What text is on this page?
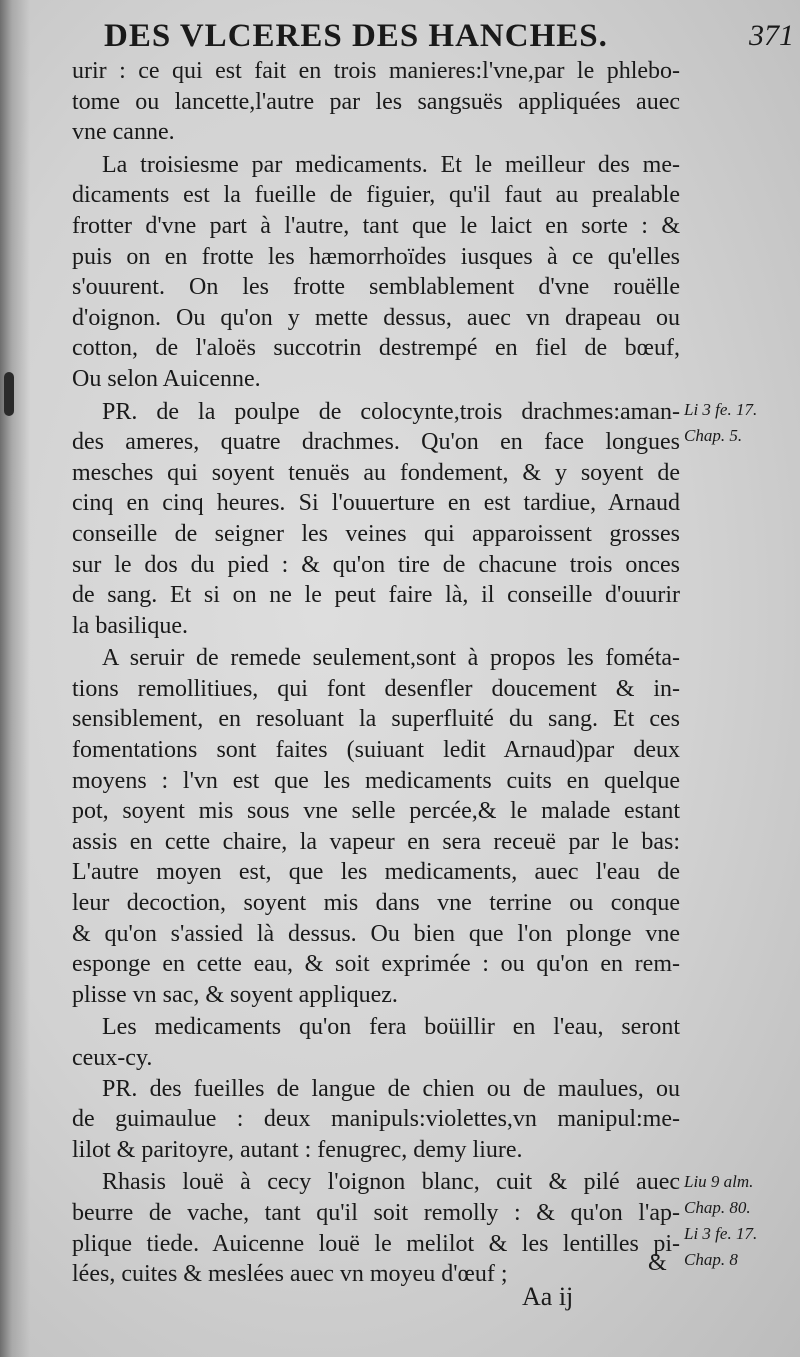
DES VLCERES DES HANCHES.	371
urir : ce qui est fait en trois manieres:l'vne,par le phlebo-
tome ou lancette,l'autre par les sangsuës appliquées auec
vne canne.
La troisiesme par medicaments. Et le meilleur des me-
dicaments est la fueille de figuier, qu'il faut au prealable
frotter d'vne part à l'autre, tant que le laict en sorte : &
puis on en frotte les hæmorrhoïdes iusques à ce qu'elles
s'ouurent. On les frotte semblablement d'vne rouëlle
d'oignon. Ou qu'on y mette dessus, auec vn drapeau ou
cotton, de l'aloës succotrin destrempé en fiel de bœuf,
Ou selon Auicenne.
PR. de la poulpe de colocynte,trois drachmes:aman-
des ameres, quatre drachmes. Qu'on en face longues
mesches qui soyent tenuës au fondement, & y soyent de
cinq en cinq heures. Si l'ouuerture en est tardiue, Arnaud
conseille de seigner les veines qui apparoissent grosses
sur le dos du pied : & qu'on tire de chacune trois onces
de sang. Et si on ne le peut faire là, il conseille d'ouurir
la basilique.
A seruir de remede seulement,sont à propos les fométa-
tions remollitiues, qui font desenfler doucement & in-
sensiblement, en resoluant la superfluité du sang. Et ces
fomentations sont faites (suiuant ledit Arnaud)par deux
moyens : l'vn est que les medicaments cuits en quelque
pot, soyent mis sous vne selle percée,& le malade estant
assis en cette chaire, la vapeur en sera receuë par le bas:
L'autre moyen est, que les medicaments, auec l'eau de
leur decoction, soyent mis dans vne terrine ou conque
& qu'on s'assied là dessus. Ou bien que l'on plonge vne
esponge en cette eau, & soit exprimée : ou qu'on en rem-
plisse vn sac, & soyent appliquez.
Les medicaments qu'on fera boüillir en l'eau, seront
ceux-cy.
PR. des fueilles de langue de chien ou de maulues, ou
de guimaulue : deux manipuls:violettes,vn manipul:me-
lilot & paritoyre, autant : fenugrec, demy liure.
Rhasis louë à cecy l'oignon blanc, cuit & pilé auec
beurre de vache, tant qu'il soit remolly : & qu'on l'ap-
plique tiede. Auicenne louë le melilot & les lentilles pi-
lées, cuites & meslées auec vn moyeu d'œuf ;
Li 3 fe. 17.
Chap. 5.
Liu 9 alm.
Chap. 80.
Li 3 fe. 17.
Chap. 8
&
Aa ij
